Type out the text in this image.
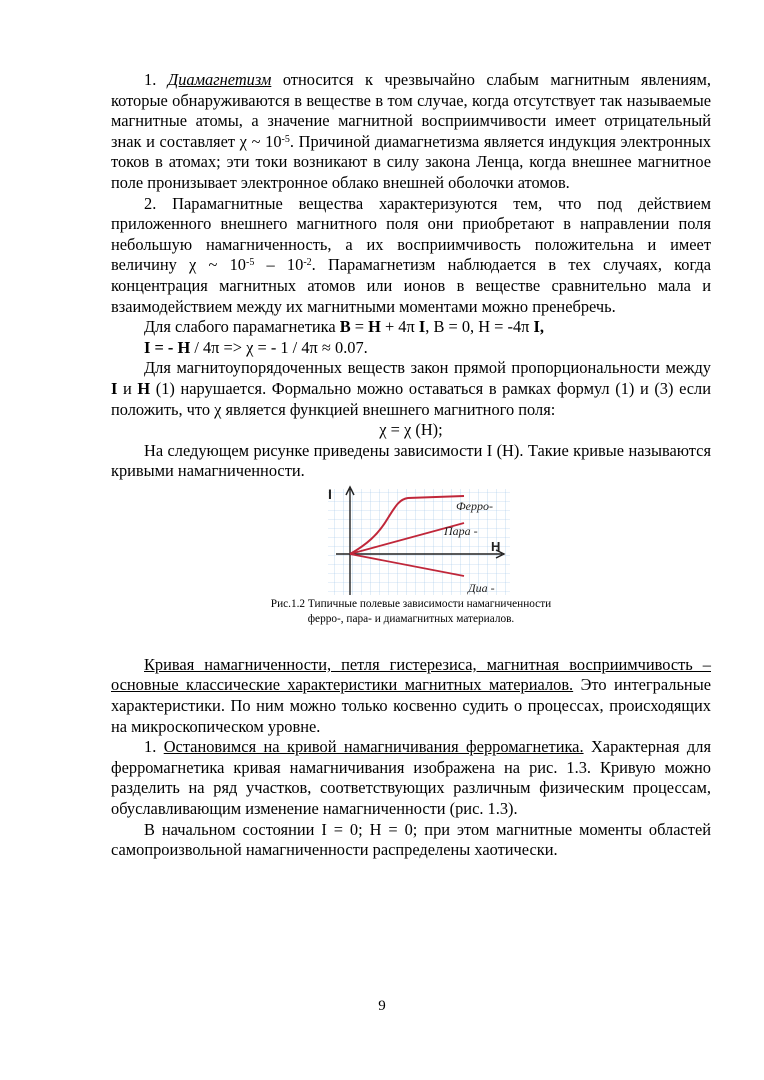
1. Диамагнетизм относится к чрезвычайно слабым магнитным явлениям, которые обнаруживаются в веществе в том случае, когда отсутствует так называемые магнитные атомы, а значение магнитной восприимчивости имеет отрицательный знак и составляет χ ~ $10^{-5}$. Причиной диамагнетизма является индукция электронных токов в атомах; эти токи возникают в силу закона Ленца, когда внешнее магнитное поле пронизывает электронное облако внешней оболочки атомов.

2. Парамагнитные вещества характеризуются тем, что под действием приложенного внешнего магнитного поля они приобретают в направлении поля небольшую намагниченность, а их восприимчивость положительна и имеет величину χ ~ $10^{-5} - 10^{-2}$. Парамагнетизм наблюдается в тех случаях, когда концентрация магнитных атомов или ионов в веществе сравнительно мала и взаимодействием между их магнитными моментами можно пренебречь.

Для слабого парамагнетика B = H + 4π I, В = 0, Н = -4π I,

I = - H / 4π => χ = - 1 / 4π ≈ 0.07.

Для магнитоупорядоченных веществ закон прямой пропорциональности между I и H (1) нарушается. Формально можно оставаться в рамках формул (1) и (3) если положить, что χ является функцией внешнего магнитного поля:

χ = χ (H);

На следующем рисунке приведены зависимости I (H). Такие кривые называются кривыми намагниченности.

I
H
Ферро-
Пара -
Диа -
Рис.1.2 Типичные полевые зависимости намагниченности
ферро-, пара- и диамагнитных материалов.

Кривая намагниченности, петля гистерезиса, магнитная восприимчивость – основные классические характеристики магнитных материалов. Это интегральные характеристики. По ним можно только косвенно судить о процессах, происходящих на микроскопическом уровне.

1. Остановимся на кривой намагничивания ферромагнетика. Характерная для ферромагнетика кривая намагничивания изображена на рис. 1.3. Кривую можно разделить на ряд участков, соответствующих различным физическим процессам, обуславливающим изменение намагниченности (рис. 1.3).

В начальном состоянии I = 0; H = 0; при этом магнитные моменты областей самопроизвольной намагниченности распределены хаотически.

9
